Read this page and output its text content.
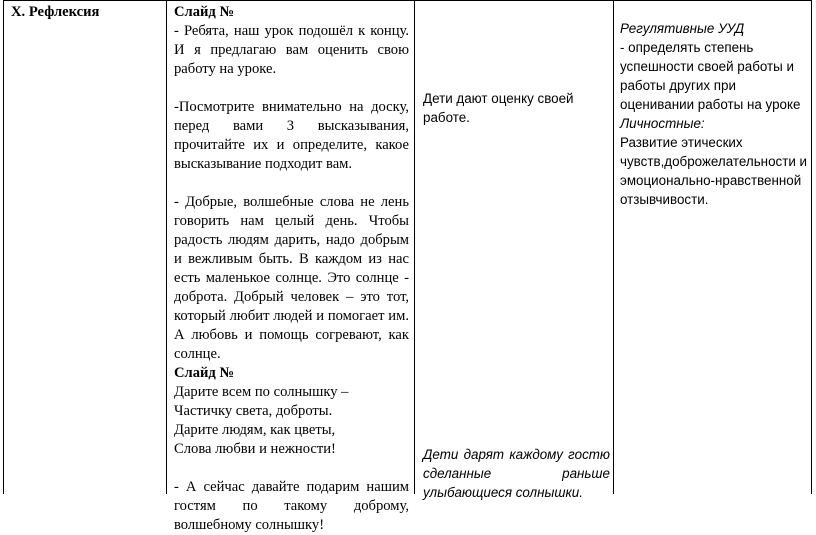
X. Рефлексия	Слайд №

- Ребята, наш урок подошёл к концу. И я предлагаю вам оценить свою работу на уроке.

-Посмотрите внимательно на доску, перед вами 3 высказывания, прочитайте их и определите, какое высказывание подходит вам.

- Добрые, волшебные слова не лень говорить нам целый день. Чтобы радость людям дарить, надо добрым и вежливым быть. В каждом из нас есть маленькое солнце. Это солнце - доброта. Добрый человек – это тот, который любит людей и помогает им. А любовь и помощь согревают, как солнце.

Слайд №

Дарите всем по солнышку –

Частичку света, доброты.

Дарите людям, как цветы,

Слова любви и нежности!

- А сейчас давайте подарим нашим гостям по такому доброму, волшебному солнышку!

Дети дают оценку своей работе.

Дети дарят каждому гостю сделанные раньше улыбающиеся солнышки.

Регулятивные УУД

- определять степень успешности своей работы и работы других при оценивании работы на уроке

Личностные:

Развитие этических чувств,доброжелательности и эмоционально-нравственной отзывчивости.
